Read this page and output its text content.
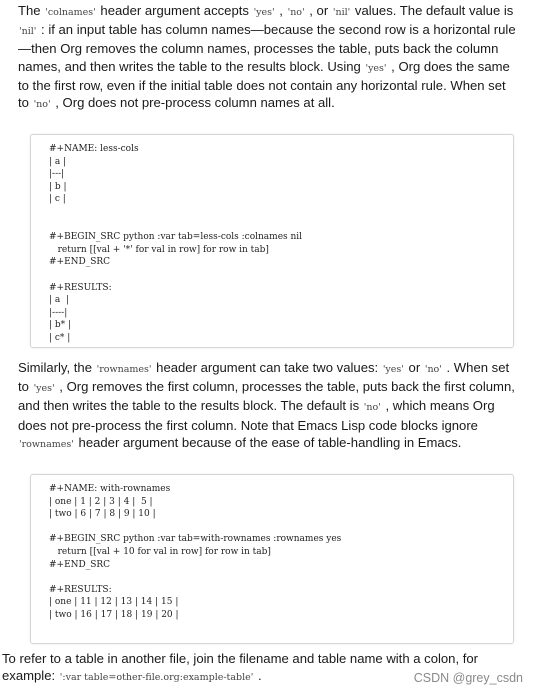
The 'colnames' header argument accepts 'yes' , 'no' , or 'nil' values. The default value is 'nil' : if an input table has column names—because the second row is a horizontal rule—then Org removes the column names, processes the table, puts back the column names, and then writes the table to the results block. Using 'yes' , Org does the same to the first row, even if the initial table does not contain any horizontal rule. When set to 'no' , Org does not pre-process column names at all.

#+NAME: less-cols
| a |
|---|
| b |
| c |

#+BEGIN_SRC python :var tab=less-cols :colnames nil
return [[val + '*' for val in row] for row in tab]
#+END_SRC

#+RESULTS:
| a  |
|----|
| b* |
| c* |

Similarly, the 'rownames' header argument can take two values: 'yes' or 'no' . When set to 'yes' , Org removes the first column, processes the table, puts back the first column, and then writes the table to the results block. The default is 'no' , which means Org does not pre-process the first column. Note that Emacs Lisp code blocks ignore 'rownames' header argument because of the ease of table-handling in Emacs.

#+NAME: with-rownames
| one | 1 | 2 | 3 | 4 |  5 |
| two | 6 | 7 | 8 | 9 | 10 |

#+BEGIN_SRC python :var tab=with-rownames :rownames yes
return [[val + 10 for val in row] for row in tab]
#+END_SRC

#+RESULTS:
| one | 11 | 12 | 13 | 14 | 15 |
| two | 16 | 17 | 18 | 19 | 20 |

To refer to a table in another file, join the filename and table name with a colon, for example: ':var table=other-file.org:example-table' .	CSDN @grey_csdn
